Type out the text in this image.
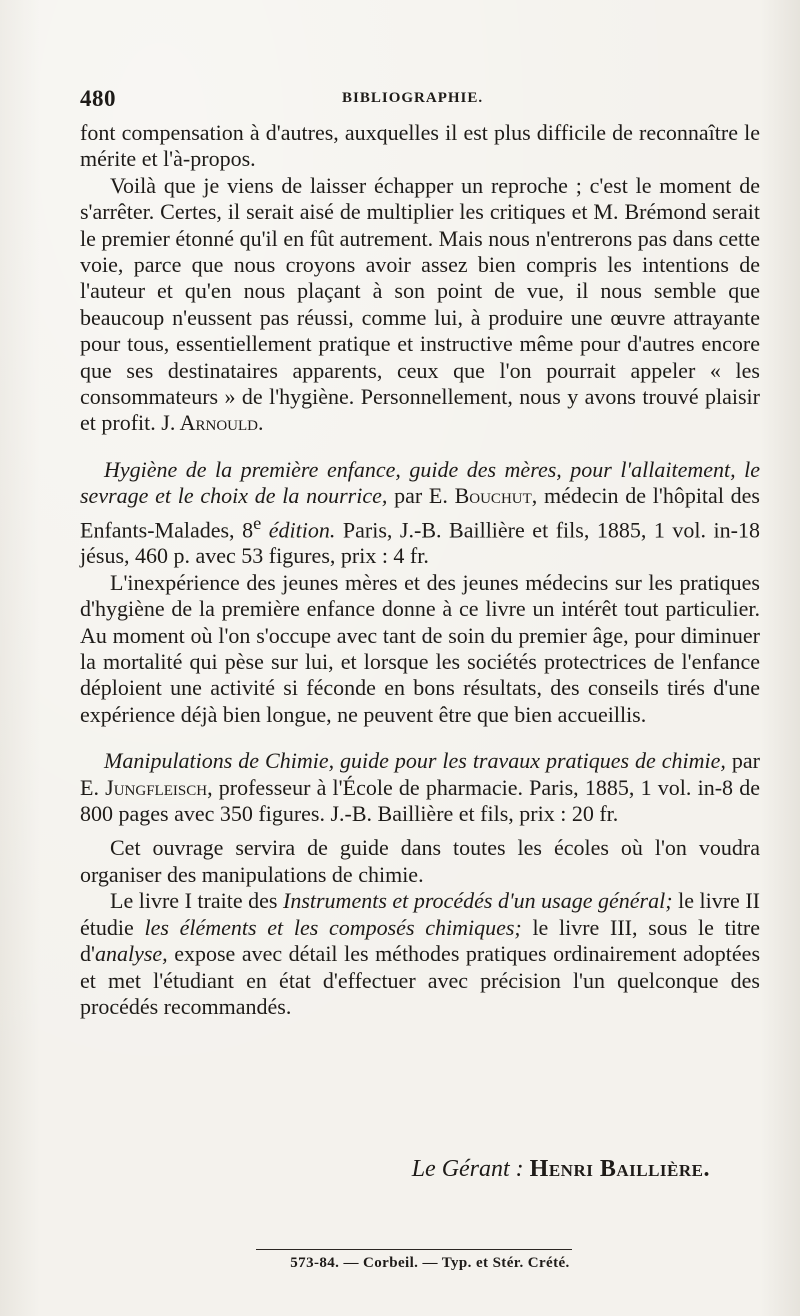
480	BIBLIOGRAPHIE.

font compensation à d'autres, auxquelles il est plus difficile de reconnaître le mérite et l'à-propos.

Voilà que je viens de laisser échapper un reproche ; c'est le moment de s'arrêter. Certes, il serait aisé de multiplier les critiques et M. Brémond serait le premier étonné qu'il en fût autrement. Mais nous n'entrerons pas dans cette voie, parce que nous croyons avoir assez bien compris les intentions de l'auteur et qu'en nous plaçant à son point de vue, il nous semble que beaucoup n'eussent pas réussi, comme lui, à produire une œuvre attrayante pour tous, essentiellement pratique et instructive même pour d'autres encore que ses destinataires apparents, ceux que l'on pourrait appeler « les consommateurs » de l'hygiène. Personnellement, nous y avons trouvé plaisir et profit. J. Arnould.

Hygiène de la première enfance, guide des mères, pour l'allaitement, le sevrage et le choix de la nourrice, par E. Bouchut, médecin de l'hôpital des Enfants-Malades, 8e édition. Paris, J.-B. Baillière et fils, 1885, 1 vol. in-18 jésus, 460 p. avec 53 figures, prix : 4 fr.

L'inexpérience des jeunes mères et des jeunes médecins sur les pratiques d'hygiène de la première enfance donne à ce livre un intérêt tout particulier. Au moment où l'on s'occupe avec tant de soin du premier âge, pour diminuer la mortalité qui pèse sur lui, et lorsque les sociétés protectrices de l'enfance déploient une activité si féconde en bons résultats, des conseils tirés d'une expérience déjà bien longue, ne peuvent être que bien accueillis.

Manipulations de Chimie, guide pour les travaux pratiques de chimie, par E. Jungfleisch, professeur à l'École de pharmacie. Paris, 1885, 1 vol. in-8 de 800 pages avec 350 figures. J.-B. Baillière et fils, prix : 20 fr.

Cet ouvrage servira de guide dans toutes les écoles où l'on voudra organiser des manipulations de chimie.

Le livre I traite des Instruments et procédés d'un usage général; le livre II étudie les éléments et les composés chimiques; le livre III, sous le titre d'analyse, expose avec détail les méthodes pratiques ordinairement adoptées et met l'étudiant en état d'effectuer avec précision l'un quelconque des procédés recommandés.

Le Gérant : Henri Baillière.
573-84. — Corbeil. — Typ. et Stér. Crété.
